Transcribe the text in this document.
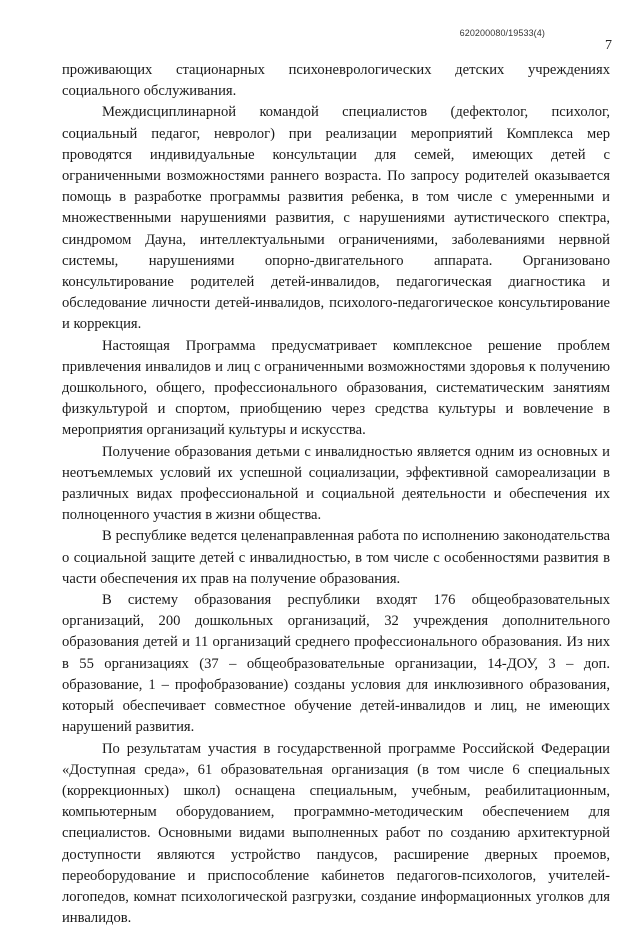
620200080/19533(4)
7

проживающих стационарных психоневрологических детских учреждениях социального обслуживания.

Междисциплинарной командой специалистов (дефектолог, психолог, социальный педагог, невролог) при реализации мероприятий Комплекса мер проводятся индивидуальные консультации для семей, имеющих детей с ограниченными возможностями раннего возраста. По запросу родителей оказывается помощь в разработке программы развития ребенка, в том числе с умеренными и множественными нарушениями развития, с нарушениями аутистического спектра, синдромом Дауна, интеллектуальными ограничениями, заболеваниями нервной системы, нарушениями опорно-двигательного аппарата. Организовано консультирование родителей детей-инвалидов, педагогическая диагностика и обследование личности детей-инвалидов, психолого-педагогическое консультирование и коррекция.

Настоящая Программа предусматривает комплексное решение проблем привлечения инвалидов и лиц с ограниченными возможностями здоровья к получению дошкольного, общего, профессионального образования, систематическим занятиям физкультурой и спортом, приобщению через средства культуры и вовлечение в мероприятия организаций культуры и искусства.

Получение образования детьми с инвалидностью является одним из основных и неотъемлемых условий их успешной социализации, эффективной самореализации в различных видах профессиональной и социальной деятельности и обеспечения их полноценного участия в жизни общества.

В республике ведется целенаправленная работа по исполнению законодательства о социальной защите детей с инвалидностью, в том числе с особенностями развития в части обеспечения их прав на получение образования.

В систему образования республики входят 176 общеобразовательных организаций, 200 дошкольных организаций, 32 учреждения дополнительного образования детей и 11 организаций среднего профессионального образования. Из них в 55 организациях (37 – общеобразовательные организации, 14-ДОУ, 3 – доп. образование, 1 – профобразование) созданы условия для инклюзивного образования, который обеспечивает совместное обучение детей-инвалидов и лиц, не имеющих нарушений развития.

По результатам участия в государственной программе Российской Федерации «Доступная среда», 61 образовательная организация (в том числе 6 специальных (коррекционных) школ) оснащена специальным, учебным, реабилитационным, компьютерным оборудованием, программно-методическим обеспечением для специалистов. Основными видами выполненных работ по созданию архитектурной доступности являются устройство пандусов, расширение дверных проемов, переоборудование и приспособление кабинетов педагогов-психологов, учителей-логопедов, комнат психологической разгрузки, создание информационных уголков для инвалидов.
